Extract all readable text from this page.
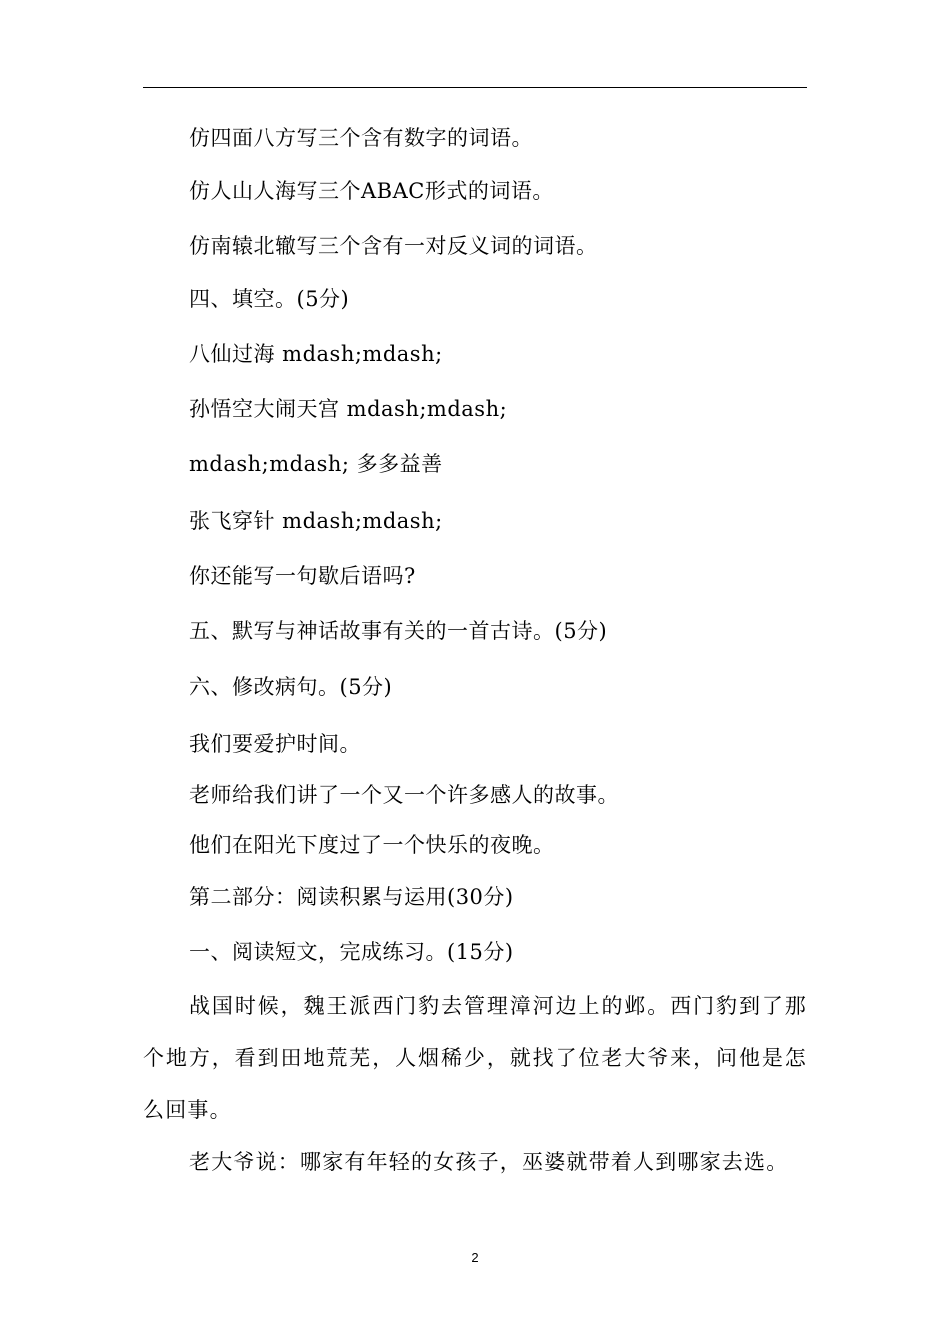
仿四面八方写三个含有数字的词语。
仿人山人海写三个ABAC形式的词语。
仿南辕北辙写三个含有一对反义词的词语。
四、填空。(5分)
八仙过海 mdash;mdash;
孙悟空大闹天宫 mdash;mdash;
mdash;mdash; 多多益善
张飞穿针 mdash;mdash;
你还能写一句歇后语吗?
五、默写与神话故事有关的一首古诗。(5分)
六、修改病句。(5分)
我们要爱护时间。
老师给我们讲了一个又一个许多感人的故事。
他们在阳光下度过了一个快乐的夜晚。
第二部分：阅读积累与运用(30分)
一、阅读短文，完成练习。(15分)
战国时候，魏王派西门豹去管理漳河边上的邺。西门豹到了那个地方，看到田地荒芜，人烟稀少，就找了位老大爷来，问他是怎么回事。
老大爷说：哪家有年轻的女孩子，巫婆就带着人到哪家去选。
2
